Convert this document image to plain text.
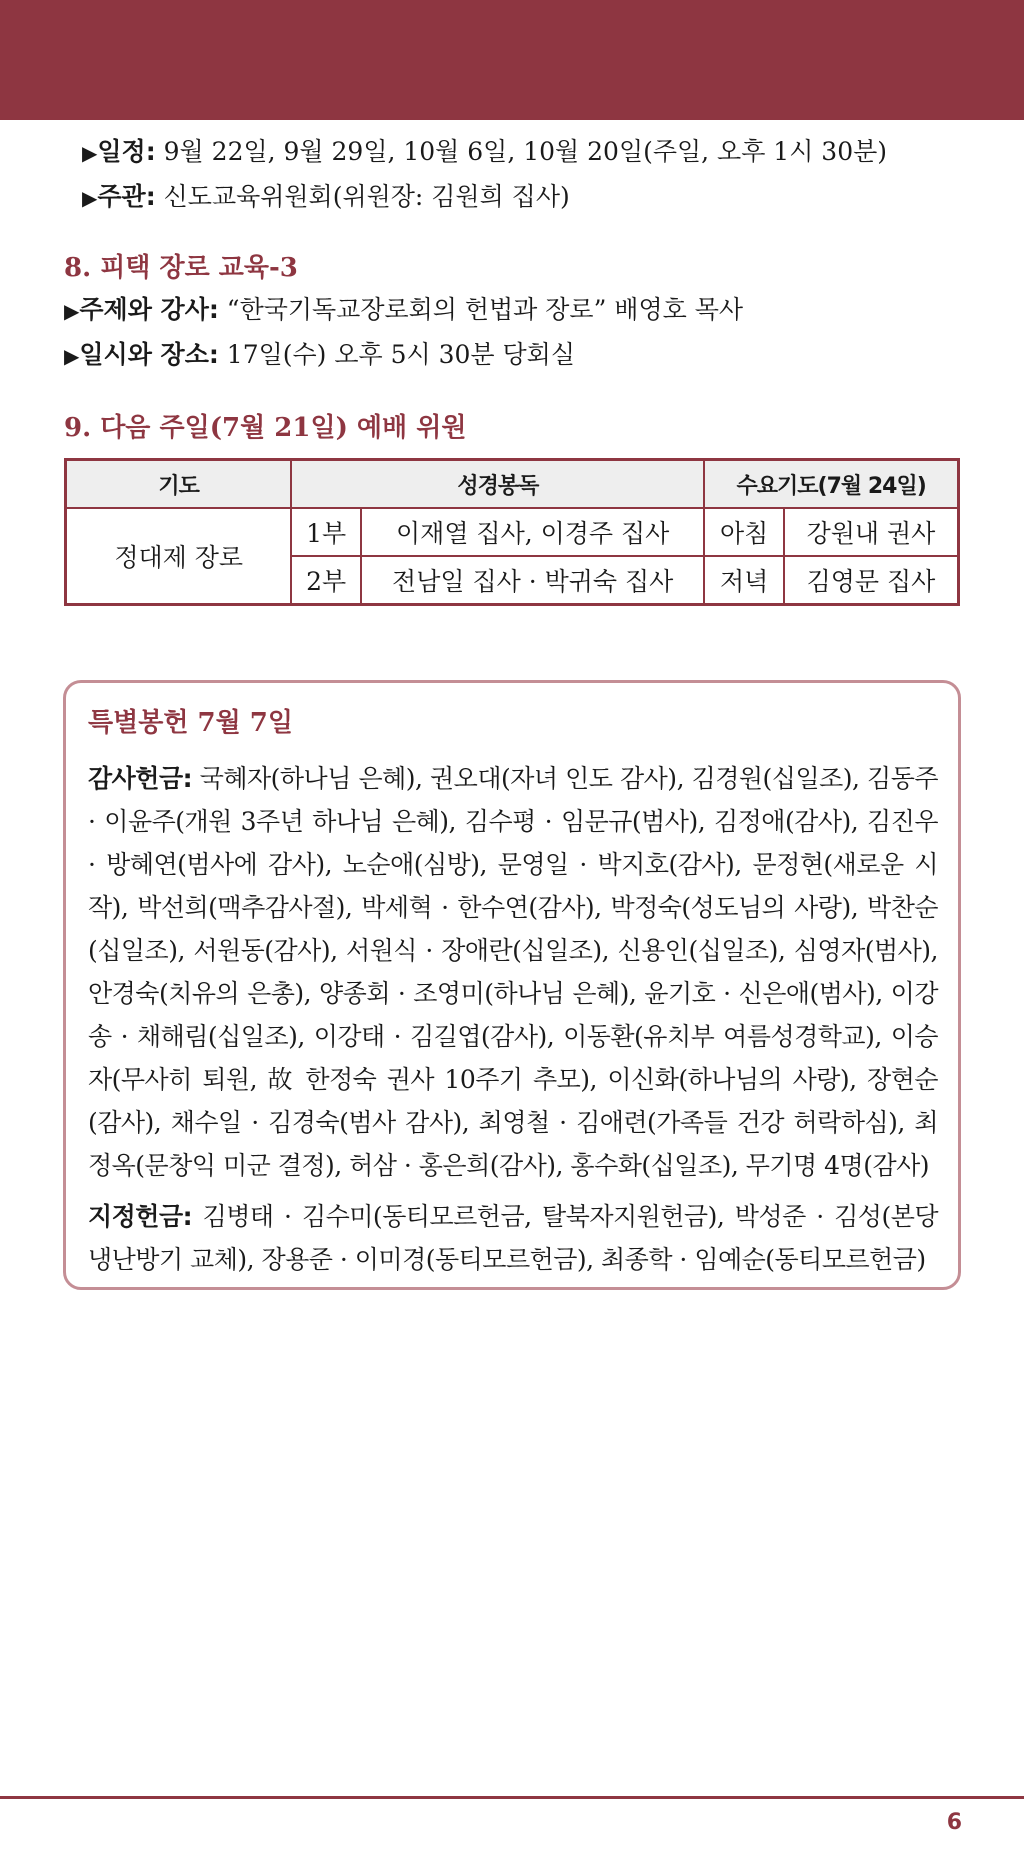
▶일정: 9월 22일, 9월 29일, 10월 6일, 10월 20일(주일, 오후 1시 30분)
▶주관: 신도교육위원회(위원장: 김원희 집사)
8. 피택 장로 교육-3
▶주제와 강사: “한국기독교장로회의 헌법과 장로” 배영호 목사
▶일시와 장소: 17일(수) 오후 5시 30분 당회실
9. 다음 주일(7월 21일) 예배 위원
기도	성경봉독		수요기도(7월 24일)	
정대제 장로	1부	이재열 집사, 이경주 집사	아침	강원내 권사
	2부	전남일 집사 · 박귀숙 집사	저녁	김영문 집사
특별봉헌 7월 7일

감사헌금: 국혜자(하나님 은혜), 권오대(자녀 인도 감사), 김경원(십일조), 김동주 · 이윤주(개원 3주년 하나님 은혜), 김수평 · 임문규(범사), 김정애(감사), 김진우 · 방혜연(범사에 감사), 노순애(심방), 문영일 · 박지호(감사), 문정현(새로운 시작), 박선희(맥추감사절), 박세혁 · 한수연(감사), 박정숙(성도님의 사랑), 박찬순(십일조), 서원동(감사), 서원식 · 장애란(십일조), 신용인(십일조), 심영자(범사), 안경숙(치유의 은총), 양종회 · 조영미(하나님 은혜), 윤기호 · 신은애(범사), 이강송 · 채해림(십일조), 이강태 · 김길엽(감사), 이동환(유치부 여름성경학교), 이승자(무사히 퇴원, 故 한정숙 권사 10주기 추모), 이신화(하나님의 사랑), 장현순(감사), 채수일 · 김경숙(범사 감사), 최영철 · 김애련(가족들 건강 허락하심), 최정옥(문창익 미군 결정), 허삼 · 홍은희(감사), 홍수화(십일조), 무기명 4명(감사)

지정헌금: 김병태 · 김수미(동티모르헌금, 탈북자지원헌금), 박성준 · 김성(본당 냉난방기 교체), 장용준 · 이미경(동티모르헌금), 최종학 · 임예순(동티모르헌금)

6
